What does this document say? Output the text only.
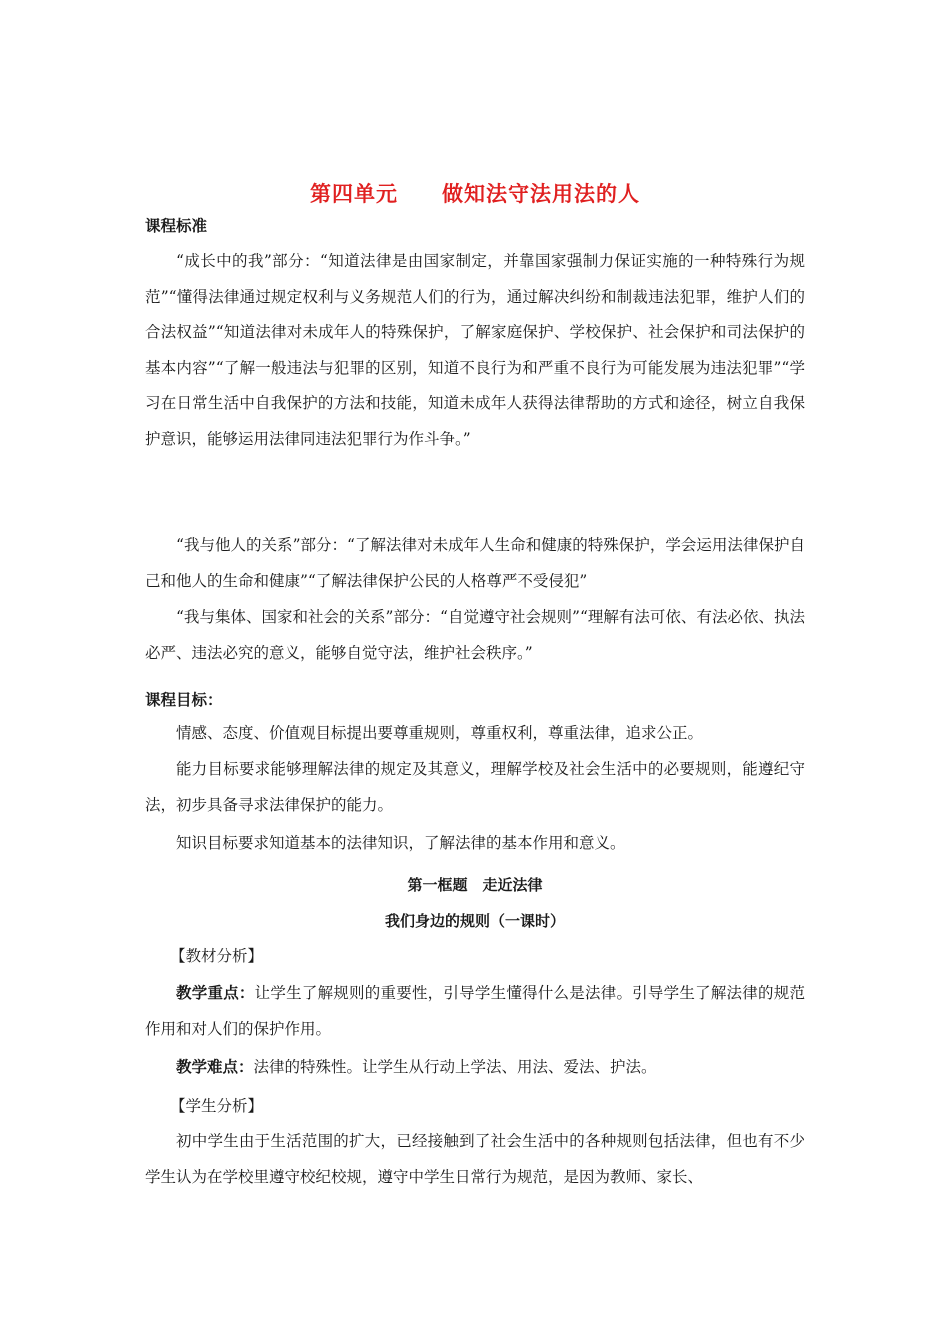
第四单元　　做知法守法用法的人
课程标准

“成长中的我”部分：“知道法律是由国家制定，并靠国家强制力保证实施的一种特殊行为规范”“懂得法律通过规定权利与义务规范人们的行为，通过解决纠纷和制裁违法犯罪，维护人们的合法权益”“知道法律对未成年人的特殊保护，了解家庭保护、学校保护、社会保护和司法保护的基本内容”“了解一般违法与犯罪的区别，知道不良行为和严重不良行为可能发展为违法犯罪”“学习在日常生活中自我保护的方法和技能，知道未成年人获得法律帮助的方式和途径，树立自我保护意识，能够运用法律同违法犯罪行为作斗争。”

“我与他人的关系”部分：“了解法律对未成年人生命和健康的特殊保护，学会运用法律保护自己和他人的生命和健康”“了解法律保护公民的人格尊严不受侵犯”

“我与集体、国家和社会的关系”部分：“自觉遵守社会规则”“理解有法可依、有法必依、执法必严、违法必究的意义，能够自觉守法，维护社会秩序。”

课程目标：

情感、态度、价值观目标提出要尊重规则，尊重权利，尊重法律，追求公正。

能力目标要求能够理解法律的规定及其意义，理解学校及社会生活中的必要规则，能遵纪守法，初步具备寻求法律保护的能力。

知识目标要求知道基本的法律知识，了解法律的基本作用和意义。

第一框题　走近法律
我们身边的规则（一课时）
【教材分析】

教学重点：让学生了解规则的重要性，引导学生懂得什么是法律。引导学生了解法律的规范作用和对人们的保护作用。

教学难点：法律的特殊性。让学生从行动上学法、用法、爱法、护法。

【学生分析】

初中学生由于生活范围的扩大，已经接触到了社会生活中的各种规则包括法律，但也有不少学生认为在学校里遵守校纪校规，遵守中学生日常行为规范，是因为教师、家长、
